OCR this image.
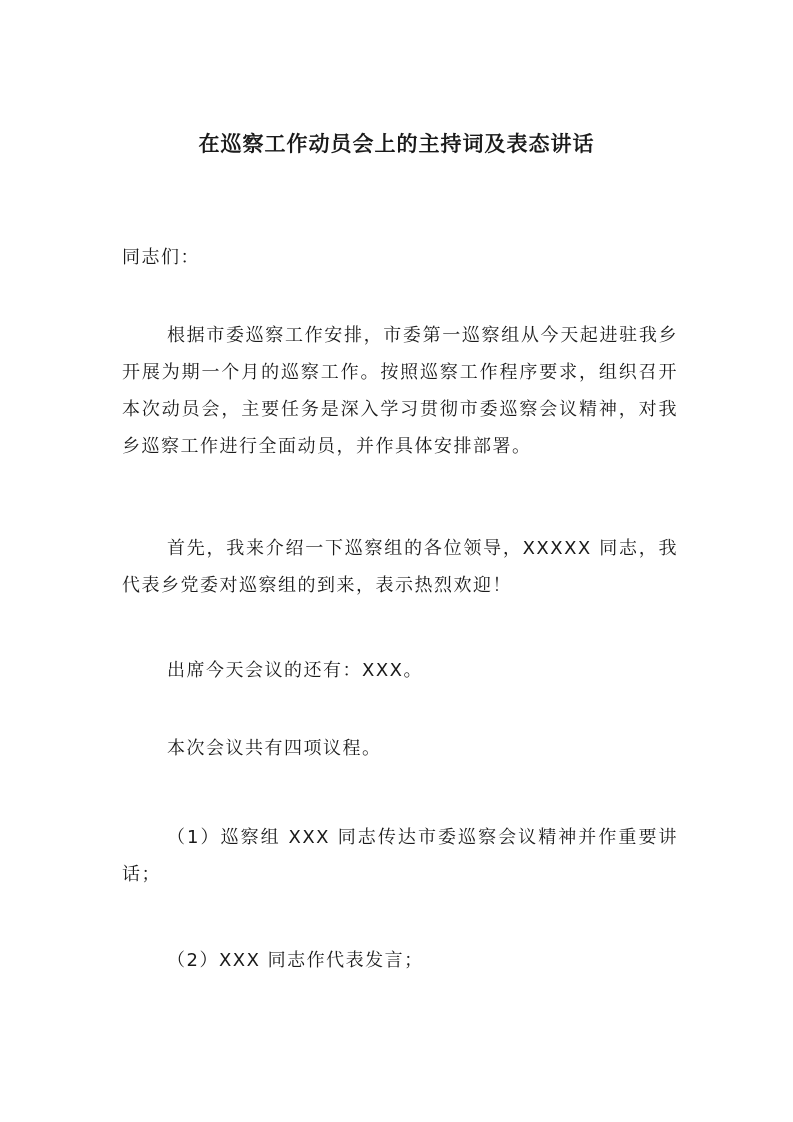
在巡察工作动员会上的主持词及表态讲话
同志们：
根据市委巡察工作安排，市委第一巡察组从今天起进驻我乡开展为期一个月的巡察工作。按照巡察工作程序要求，组织召开本次动员会，主要任务是深入学习贯彻市委巡察会议精神，对我乡巡察工作进行全面动员，并作具体安排部署。
首先，我来介绍一下巡察组的各位领导，XXXXX 同志，我代表乡党委对巡察组的到来，表示热烈欢迎！
出席今天会议的还有：XXX。
本次会议共有四项议程。
（1）巡察组 XXX 同志传达市委巡察会议精神并作重要讲话；
（2）XXX 同志作代表发言；
